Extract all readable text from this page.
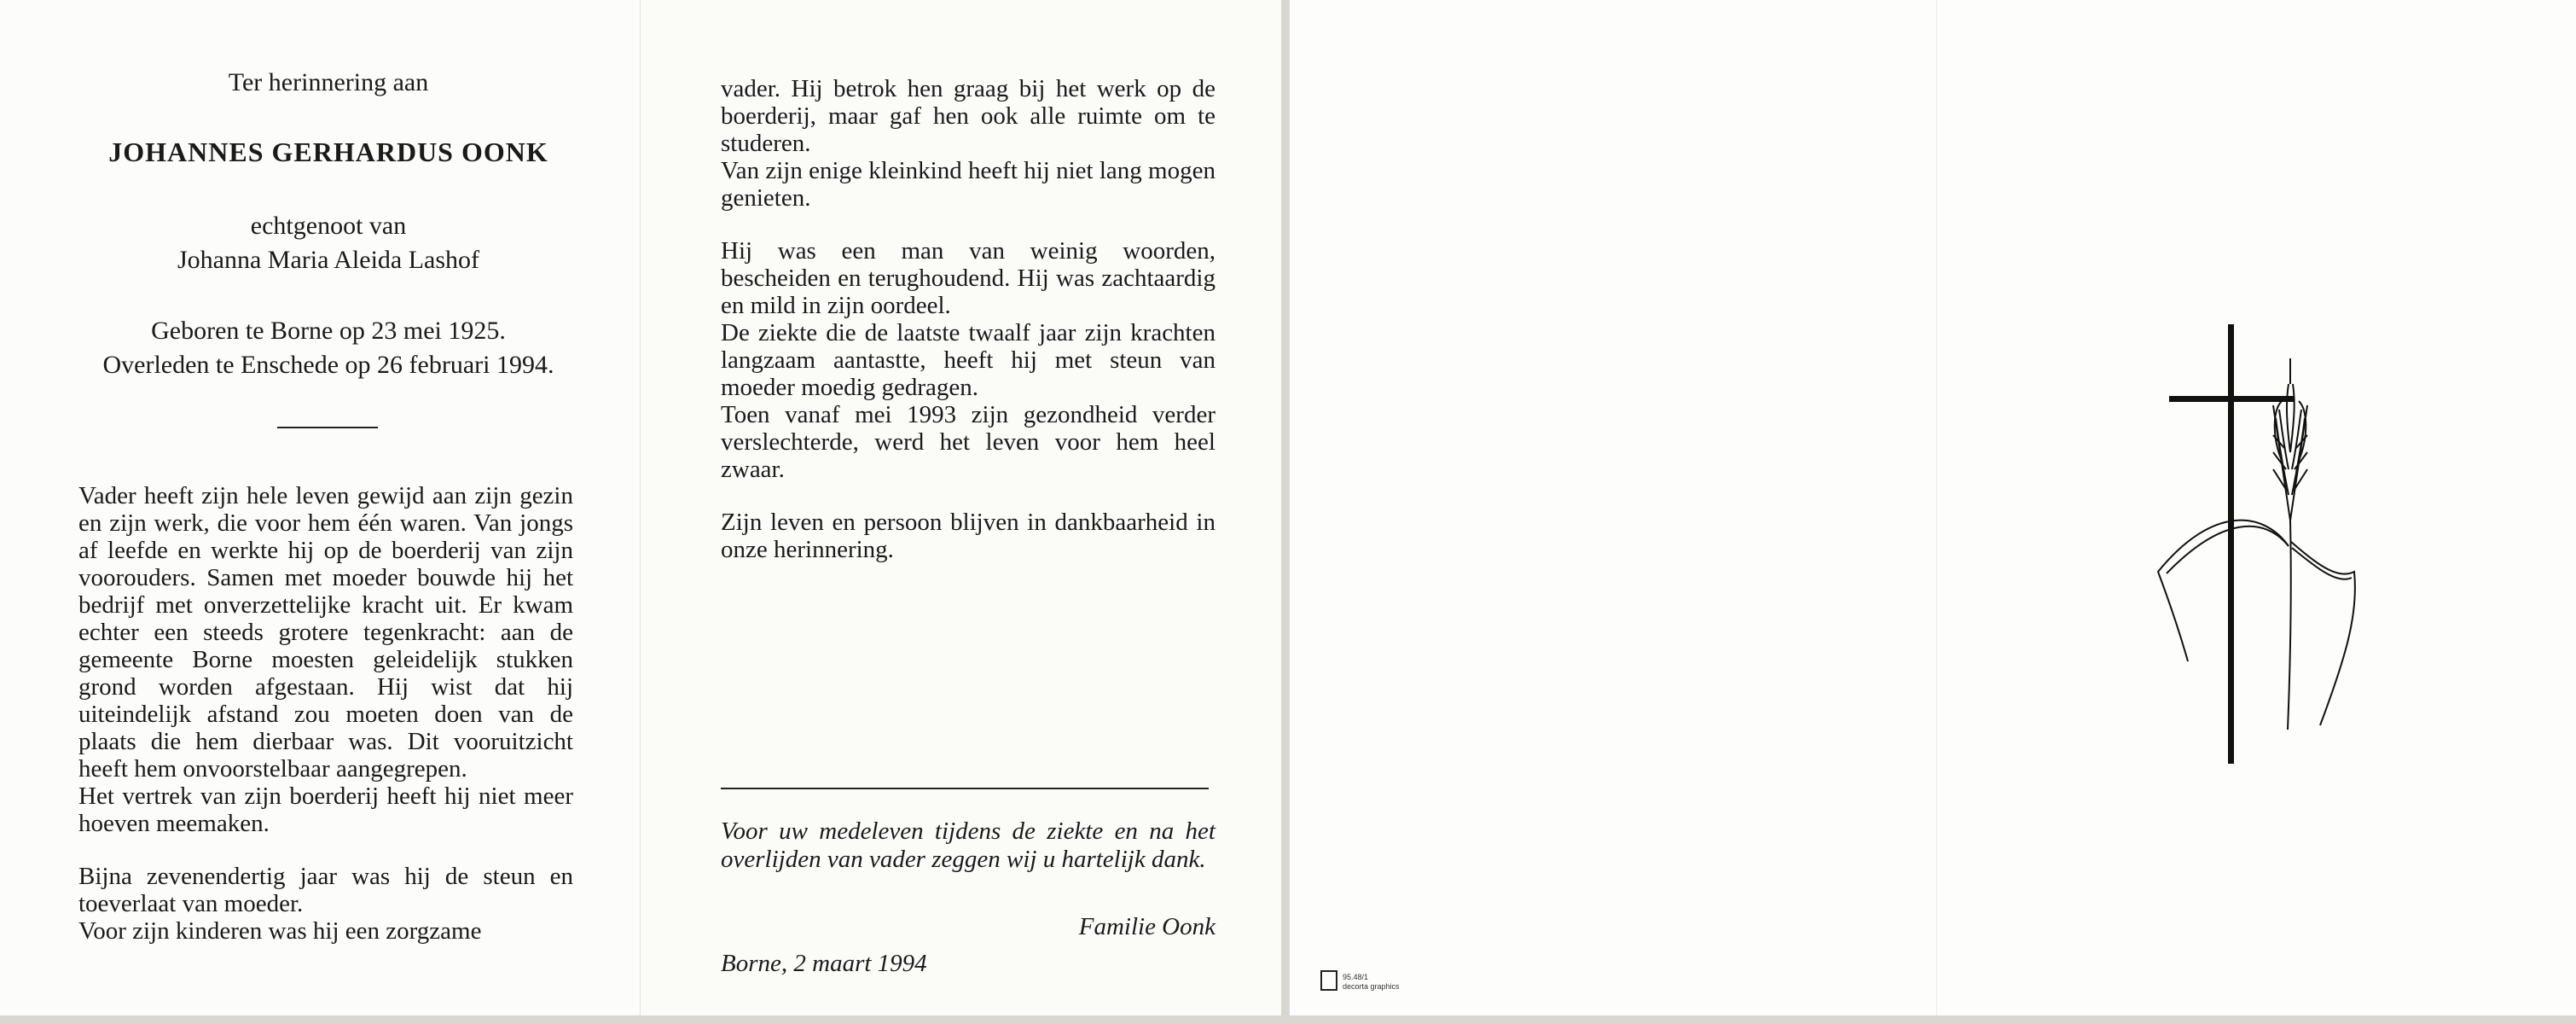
Ter herinnering aan
JOHANNES GERHARDUS OONK
echtgenoot van
Johanna Maria Aleida Lashof
Geboren te Borne op 23 mei 1925.
Overleden te Enschede op 26 februari 1994.

Vader heeft zijn hele leven gewijd aan zijn gezin en zijn werk, die voor hem één waren. Van jongs af leefde en werkte hij op de boerderij van zijn voorouders. Samen met moeder bouwde hij het bedrijf met onverzettelijke kracht uit. Er kwam echter een steeds grotere tegenkracht: aan de gemeente Borne moesten geleidelijk stukken grond worden afgestaan. Hij wist dat hij uiteindelijk afstand zou moeten doen van de plaats die hem dierbaar was. Dit vooruitzicht heeft hem onvoorstelbaar aangegrepen.

Het vertrek van zijn boerderij heeft hij niet meer hoeven meemaken.

Bijna zevenendertig jaar was hij de steun en toeverlaat van moeder.

Voor zijn kinderen was hij een zorgzame

vader. Hij betrok hen graag bij het werk op de boerderij, maar gaf hen ook alle ruimte om te studeren.

Van zijn enige kleinkind heeft hij niet lang mogen genieten.

Hij was een man van weinig woorden, bescheiden en terughoudend. Hij was zachtaardig en mild in zijn oordeel.

De ziekte die de laatste twaalf jaar zijn krachten langzaam aantastte, heeft hij met steun van moeder moedig gedragen.

Toen vanaf mei 1993 zijn gezondheid verder verslechterde, werd het leven voor hem heel zwaar.

Zijn leven en persoon blijven in dankbaarheid in onze herinnering.

Voor uw medeleven tijdens de ziekte en na het overlijden van vader zeggen wij u hartelijk dank.
Familie Oonk
Borne, 2 maart 1994	95.48/1
decorta graphics
